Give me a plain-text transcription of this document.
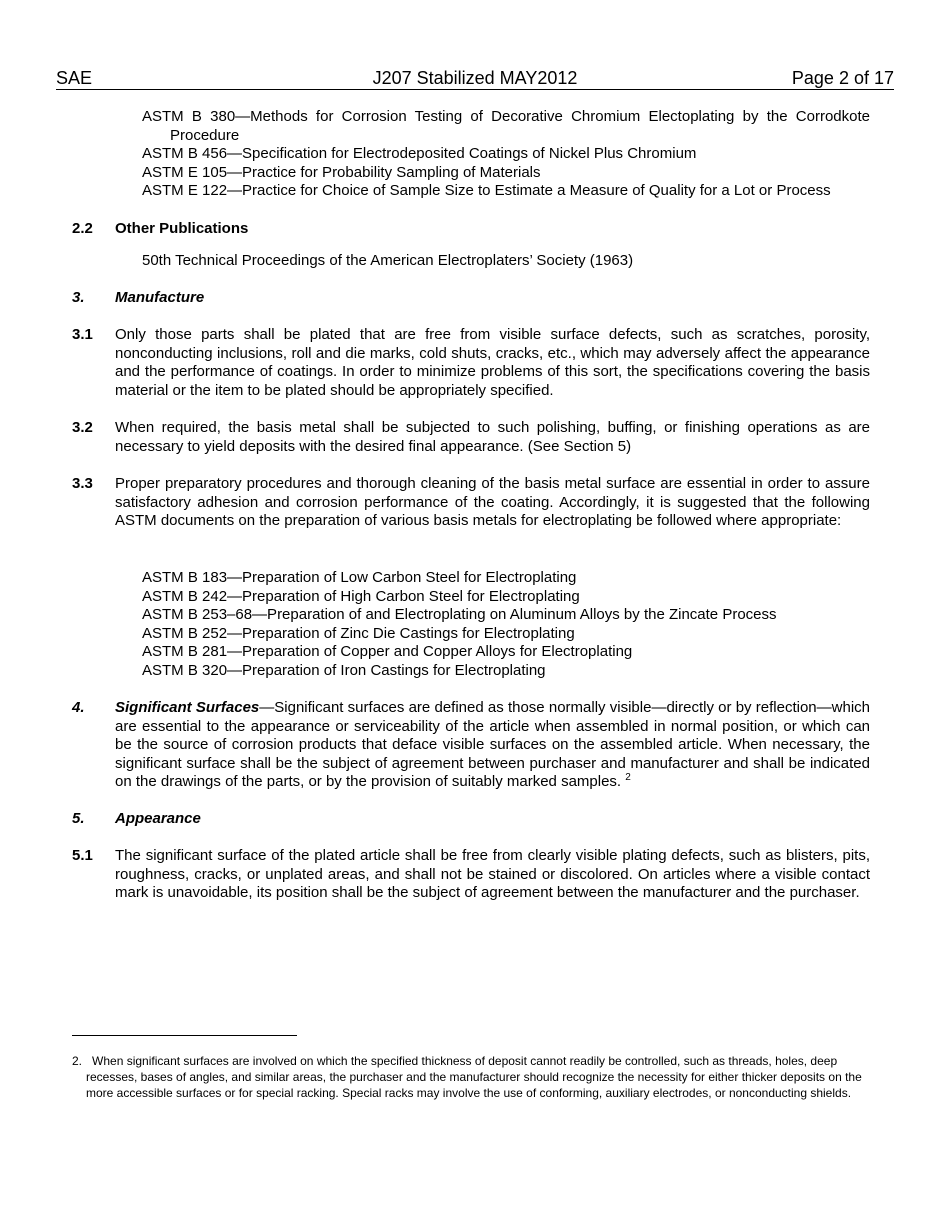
SAE	J207 Stabilized MAY2012	Page 2 of 17
ASTM B 380—Methods for Corrosion Testing of Decorative Chromium Electoplating by the Corrodkote Procedure
ASTM B 456—Specification for Electrodeposited Coatings of Nickel Plus Chromium
ASTM E 105—Practice for Probability Sampling of Materials
ASTM E 122—Practice for Choice of Sample Size to Estimate a Measure of Quality for a Lot or Process
2.2 Other Publications
50th Technical Proceedings of the American Electroplaters’ Society (1963)
3. Manufacture
3.1 Only those parts shall be plated that are free from visible surface defects, such as scratches, porosity, nonconducting inclusions, roll and die marks, cold shuts, cracks, etc., which may adversely affect the appearance and the performance of coatings. In order to minimize problems of this sort, the specifications covering the basis material or the item to be plated should be appropriately specified.
3.2 When required, the basis metal shall be subjected to such polishing, buffing, or finishing operations as are necessary to yield deposits with the desired final appearance. (See Section 5)
3.3 Proper preparatory procedures and thorough cleaning of the basis metal surface are essential in order to assure satisfactory adhesion and corrosion performance of the coating. Accordingly, it is suggested that the following ASTM documents on the preparation of various basis metals for electroplating be followed where appropriate:
ASTM B 183—Preparation of Low Carbon Steel for Electroplating
ASTM B 242—Preparation of High Carbon Steel for Electroplating
ASTM B 253–68—Preparation of and Electroplating on Aluminum Alloys by the Zincate Process
ASTM B 252—Preparation of Zinc Die Castings for Electroplating
ASTM B 281—Preparation of Copper and Copper Alloys for Electroplating
ASTM B 320—Preparation of Iron Castings for Electroplating
4. Significant Surfaces—Significant surfaces are defined as those normally visible—directly or by reflection—which are essential to the appearance or serviceability of the article when assembled in normal position, or which can be the source of corrosion products that deface visible surfaces on the assembled article. When necessary, the significant surface shall be the subject of agreement between purchaser and manufacturer and shall be indicated on the drawings of the parts, or by the provision of suitably marked samples. $^2$
5. Appearance
5.1 The significant surface of the plated article shall be free from clearly visible plating defects, such as blisters, pits, roughness, cracks, or unplated areas, and shall not be stained or discolored. On articles where a visible contact mark is unavoidable, its position shall be the subject of agreement between the manufacturer and the purchaser.
2. When significant surfaces are involved on which the specified thickness of deposit cannot readily be controlled, such as threads, holes, deep recesses, bases of angles, and similar areas, the purchaser and the manufacturer should recognize the necessity for either thicker deposits on the more accessible surfaces or for special racking. Special racks may involve the use of conforming, auxiliary electrodes, or nonconducting shields.
